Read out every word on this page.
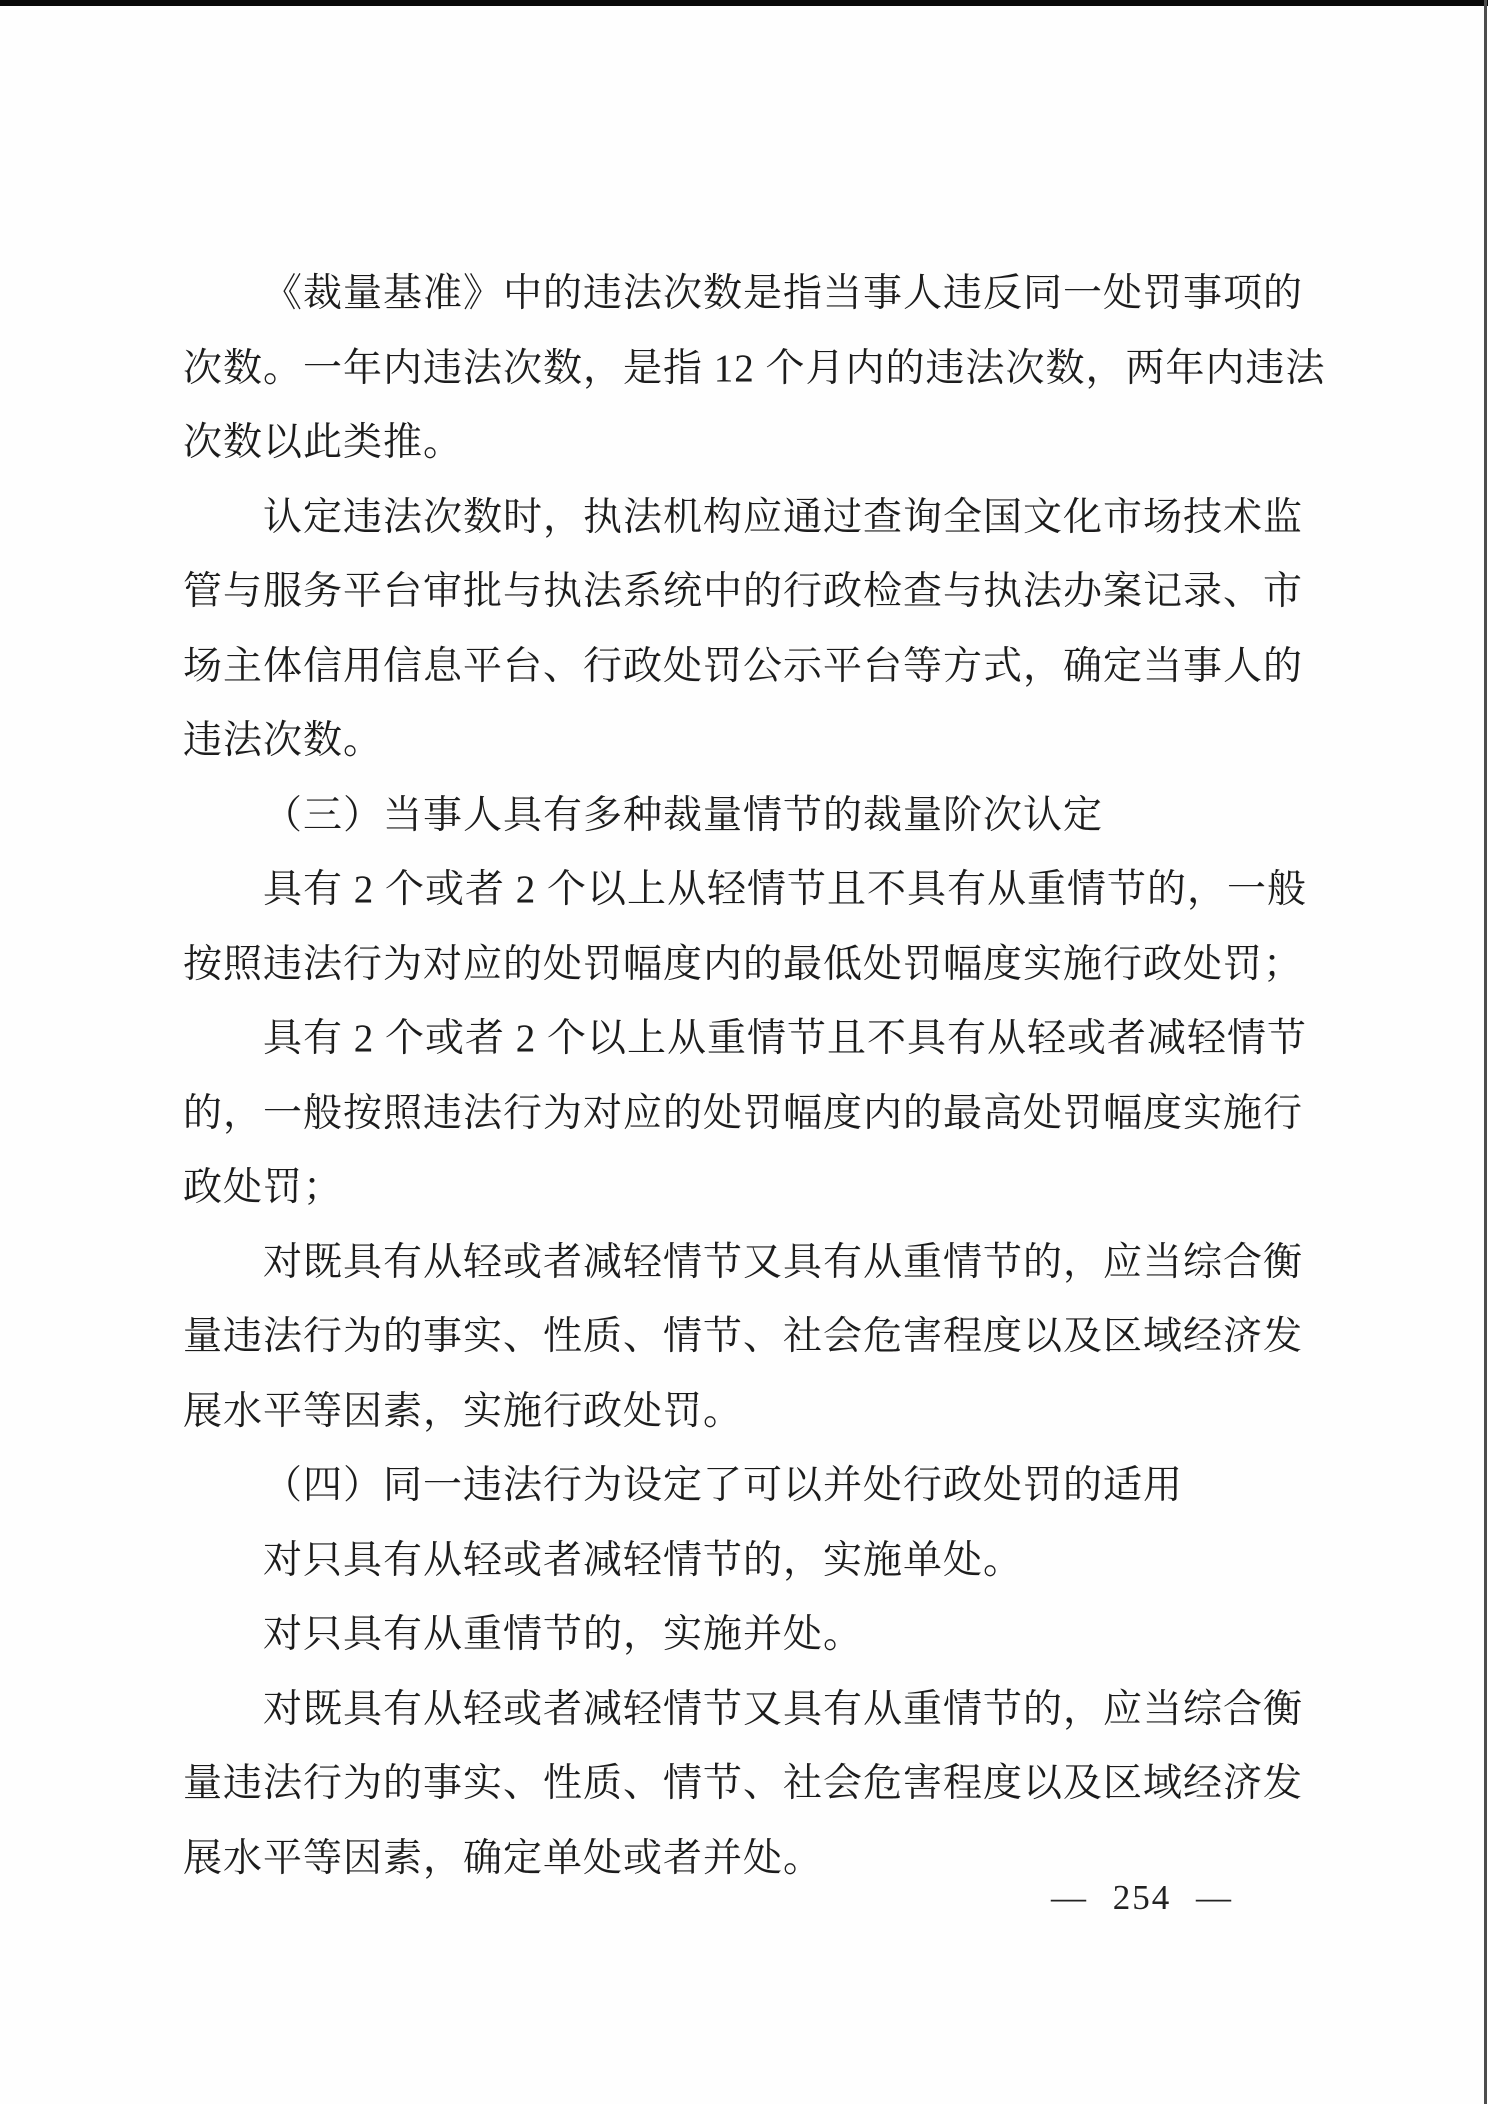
《裁量基准》中的违法次数是指当事人违反同一处罚事项的
次数。一年内违法次数，是指 12 个月内的违法次数，两年内违法
次数以此类推。
认定违法次数时，执法机构应通过查询全国文化市场技术监
管与服务平台审批与执法系统中的行政检查与执法办案记录、市
场主体信用信息平台、行政处罚公示平台等方式，确定当事人的
违法次数。
（三）当事人具有多种裁量情节的裁量阶次认定
具有 2 个或者 2 个以上从轻情节且不具有从重情节的，一般
按照违法行为对应的处罚幅度内的最低处罚幅度实施行政处罚；
具有 2 个或者 2 个以上从重情节且不具有从轻或者减轻情节
的，一般按照违法行为对应的处罚幅度内的最高处罚幅度实施行
政处罚；
对既具有从轻或者减轻情节又具有从重情节的，应当综合衡
量违法行为的事实、性质、情节、社会危害程度以及区域经济发
展水平等因素，实施行政处罚。
（四）同一违法行为设定了可以并处行政处罚的适用
对只具有从轻或者减轻情节的，实施单处。
对只具有从重情节的，实施并处。
对既具有从轻或者减轻情节又具有从重情节的，应当综合衡
量违法行为的事实、性质、情节、社会危害程度以及区域经济发
展水平等因素，确定单处或者并处。
— 254 —
